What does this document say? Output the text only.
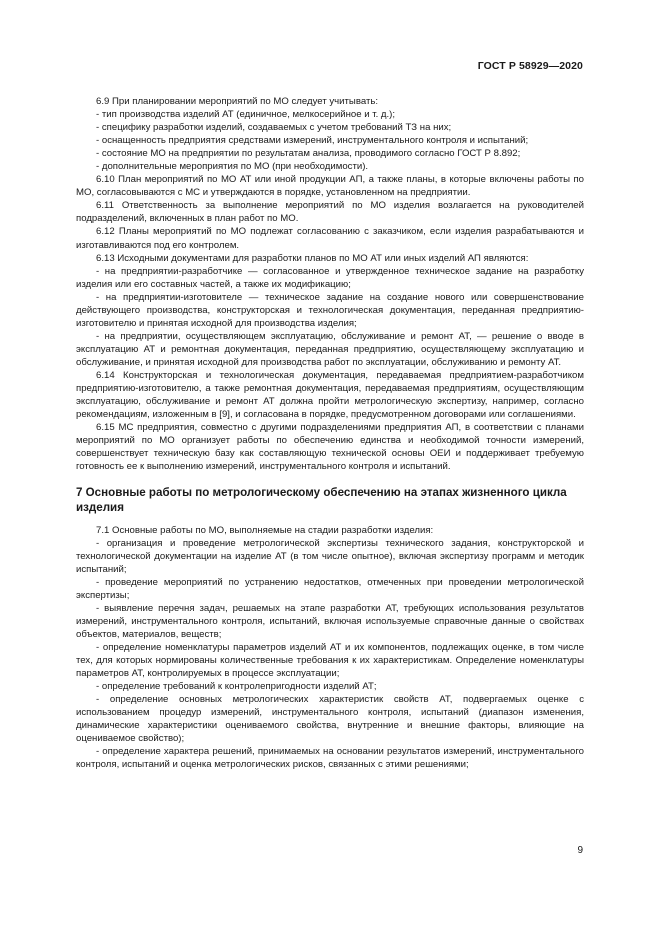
ГОСТ Р 58929—2020

6.9 При планировании мероприятий по МО следует учитывать:

- тип производства изделий АТ (единичное, мелкосерийное и т. д.);

- специфику разработки изделий, создаваемых с учетом требований ТЗ на них;

- оснащенность предприятия средствами измерений, инструментального контроля и испытаний;

- состояние МО на предприятии по результатам анализа, проводимого согласно ГОСТ Р 8.892;

- дополнительные мероприятия по МО (при необходимости).

6.10 План мероприятий по МО АТ или иной продукции АП, а также планы, в которые включены работы по МО, согласовываются с МС и утверждаются в порядке, установленном на предприятии.

6.11 Ответственность за выполнение мероприятий по МО изделия возлагается на руководителей подразделений, включенных в план работ по МО.

6.12 Планы мероприятий по МО подлежат согласованию с заказчиком, если изделия разрабатываются и изготавливаются под его контролем.

6.13 Исходными документами для разработки планов по МО АТ или иных изделий АП являются:

- на предприятии-разработчике — согласованное и утвержденное техническое задание на разработку изделия или его составных частей, а также их модификацию;

- на предприятии-изготовителе — техническое задание на создание нового или совершенствование действующего производства, конструкторская и технологическая документация, переданная предприятию-изготовителю и принятая исходной для производства изделия;

- на предприятии, осуществляющем эксплуатацию, обслуживание и ремонт АТ, — решение о вводе в эксплуатацию АТ и ремонтная документация, переданная предприятию, осуществляющему эксплуатацию и обслуживание, и принятая исходной для производства работ по эксплуатации, обслуживанию и ремонту АТ.

6.14 Конструкторская и технологическая документация, передаваемая предприятием-разработчиком предприятию-изготовителю, а также ремонтная документация, передаваемая предприятиям, осуществляющим эксплуатацию, обслуживание и ремонт АТ должна пройти метрологическую экспертизу, например, согласно рекомендациям, изложенным в [9], и согласована в порядке, предусмотренном договорами или соглашениями.

6.15 МС предприятия, совместно с другими подразделениями предприятия АП, в соответствии с планами мероприятий по МО организует работы по обеспечению единства и необходимой точности измерений, совершенствует техническую базу как составляющую технической основы ОЕИ и поддерживает требуемую готовность ее к выполнению измерений, инструментального контроля и испытаний.

7 Основные работы по метрологическому обеспечению на этапах жизненного цикла изделия

7.1 Основные работы по МО, выполняемые на стадии разработки изделия:

- организация и проведение метрологической экспертизы технического задания, конструкторской и технологической документации на изделие АТ (в том числе опытное), включая экспертизу программ и методик испытаний;

- проведение мероприятий по устранению недостатков, отмеченных при проведении метрологической экспертизы;

- выявление перечня задач, решаемых на этапе разработки АТ, требующих использования результатов измерений, инструментального контроля, испытаний, включая используемые справочные данные о свойствах объектов, материалов, веществ;

- определение номенклатуры параметров изделий АТ и их компонентов, подлежащих оценке, в том числе тех, для которых нормированы количественные требования к их характеристикам. Определение номенклатуры параметров АТ, контролируемых в процессе эксплуатации;

- определение требований к контролепригодности изделий АТ;

- определение основных метрологических характеристик свойств АТ, подвергаемых оценке с использованием процедур измерений, инструментального контроля, испытаний (диапазон изменения, динамические характеристики оцениваемого свойства, внутренние и внешние факторы, влияющие на оцениваемое свойство);

- определение характера решений, принимаемых на основании результатов измерений, инструментального контроля, испытаний и оценка метрологических рисков, связанных с этими решениями;

9
